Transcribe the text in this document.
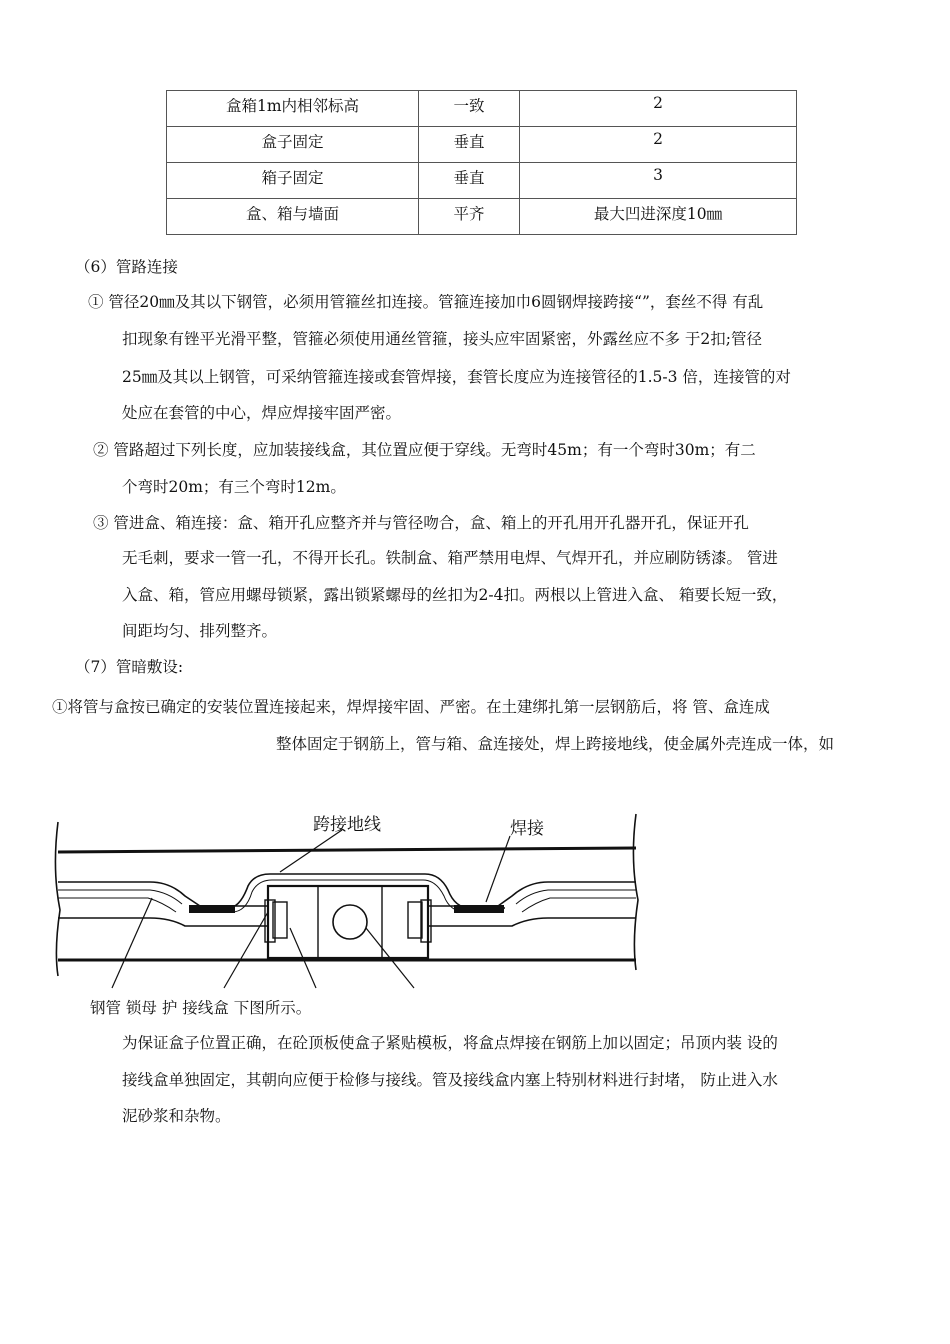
盒箱1m内相邻标高	一致	2
盒子固定	垂直	2
箱子固定	垂直	3
盒、箱与墙面	平齐	最大凹进深度10㎜
（6）管路连接
① 管径20㎜及其以下钢管，必须用管箍丝扣连接。管箍连接加巾6圆钢焊接跨接“”，套丝不得 有乱
扣现象有锉平光滑平整，管箍必须使用通丝管箍，接头应牢固紧密，外露丝应不多 于2扣;管径
25㎜及其以上钢管，可采纳管箍连接或套管焊接，套管长度应为连接管径的1.5-3 倍，连接管的对
处应在套管的中心，焊应焊接牢固严密。
② 管路超过下列长度，应加装接线盒，其位置应便于穿线。无弯时45m；有一个弯时30m；有二
个弯时20m；有三个弯时12m。
③ 管进盒、箱连接：盒、箱开孔应整齐并与管径吻合，盒、箱上的开孔用开孔器开孔，保证开孔
无毛刺，要求一管一孔，不得开长孔。铁制盒、箱严禁用电焊、气焊开孔，并应刷防锈漆。 管进
入盒、箱，管应用螺母锁紧，露出锁紧螺母的丝扣为2-4扣。两根以上管进入盒、 箱要长短一致，
间距均匀、排列整齐。
（7）管暗敷设:
①将管与盒按已确定的安装位置连接起来，焊焊接牢固、严密。在土建绑扎第一层钢筋后，将 管、盒连成
整体固定于钢筋上，管与箱、盒连接处，焊上跨接地线，使金属外壳连成一体，如
跨接地线	焊接
钢管 锁母 护 接线盒 下图所示。
为保证盒子位置正确，在砼顶板使盒子紧贴模板，将盒点焊接在钢筋上加以固定；吊顶内装 设的
接线盒单独固定，其朝向应便于检修与接线。管及接线盒内塞上特别材料进行封堵， 防止进入水
泥砂浆和杂物。
